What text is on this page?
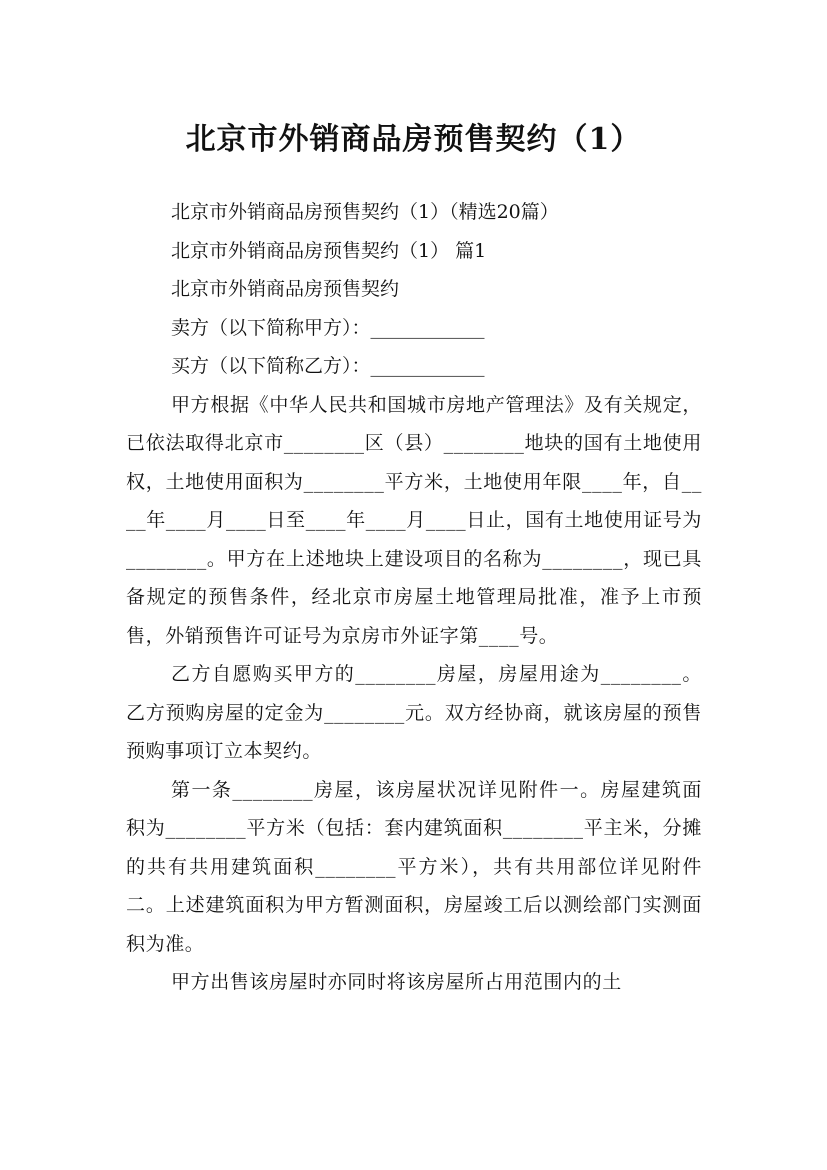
北京市外销商品房预售契约（1）

北京市外销商品房预售契约（1）（精选20篇）

北京市外销商品房预售契约（1） 篇1

北京市外销商品房预售契约

卖方（以下简称甲方）：____________

买方（以下简称乙方）：____________

甲方根据《中华人民共和国城市房地产管理法》及有关规定，已依法取得北京市________区（县）________地块的国有土地使用权，土地使用面积为________平方米，土地使用年限____年，自____年____月____日至____年____月____日止，国有土地使用证号为________。甲方在上述地块上建设项目的名称为________，现已具备规定的预售条件，经北京市房屋土地管理局批准，准予上市预售，外销预售许可证号为京房市外证字第____号。

乙方自愿购买甲方的________房屋，房屋用途为________。乙方预购房屋的定金为________元。双方经协商，就该房屋的预售预购事项订立本契约。

第一条________房屋，该房屋状况详见附件一。房屋建筑面积为________平方米（包括：套内建筑面积________平主米，分摊的共有共用建筑面积________平方米），共有共用部位详见附件二。上述建筑面积为甲方暂测面积，房屋竣工后以测绘部门实测面积为准。

甲方出售该房屋时亦同时将该房屋所占用范围内的土
